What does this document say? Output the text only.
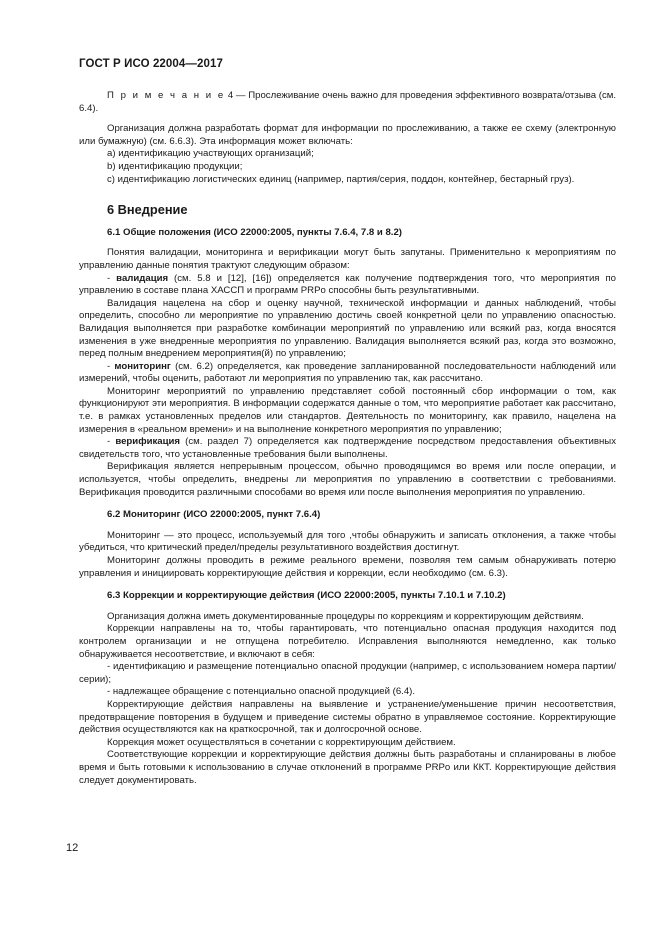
ГОСТ Р ИСО 22004—2017

П р и м е ч а н и е 4 — Прослеживание очень важно для проведения эффективного возврата/отзыва (см. 6.4).

Организация должна разработать формат для информации по прослеживанию, а также ее схему (электронную или бумажную) (см. 6.6.3). Эта информация может включать:

a) идентификацию участвующих организаций;

b) идентификацию продукции;

c) идентификацию логистических единиц (например, партия/серия, поддон, контейнер, бестарный груз).

6 Внедрение
6.1 Общие положения (ИСО 22000:2005, пункты 7.6.4, 7.8 и 8.2)

Понятия валидации, мониторинга и верификации могут быть запутаны. Применительно к мероприятиям по управлению данные понятия трактуют следующим образом:

- валидация (см. 5.8 и [12], [16]) определяется как получение подтверждения того, что мероприятия по управлению в составе плана ХАССП и программ PRPо способны быть результативными.

Валидация нацелена на сбор и оценку научной, технической информации и данных наблюдений, чтобы определить, способно ли мероприятие по управлению достичь своей конкретной цели по управлению опасностью. Валидация выполняется при разработке комбинации мероприятий по управлению или всякий раз, когда вносятся изменения в уже внедренные мероприятия по управлению. Валидация выполняется всякий раз, когда это возможно, перед полным внедрением мероприятия(й) по управлению;

- мониторинг (см. 6.2) определяется, как проведение запланированной последовательности наблюдений или измерений, чтобы оценить, работают ли мероприятия по управлению так, как рассчитано.

Мониторинг мероприятий по управлению представляет собой постоянный сбор информации о том, как функционируют эти мероприятия. В информации содержатся данные о том, что мероприятие работает как рассчитано, т.е. в рамках установленных пределов или стандартов. Деятельность по мониторингу, как правило, нацелена на измерения в «реальном времени» и на выполнение конкретного мероприятия по управлению;

- верификация (см. раздел 7) определяется как подтверждение посредством предоставления объективных свидетельств того, что установленные требования были выполнены.

Верификация является непрерывным процессом, обычно проводящимся во время или после операции, и используется, чтобы определить, внедрены ли мероприятия по управлению в соответствии с требованиями. Верификация проводится различными способами во время или после выполнения мероприятия по управлению.

6.2 Мониторинг (ИСО 22000:2005, пункт 7.6.4)

Мониторинг — это процесс, используемый для того ,чтобы обнаружить и записать отклонения, а также чтобы убедиться, что критический предел/пределы результативного воздействия достигнут.

Мониторинг должны проводить в режиме реального времени, позволяя тем самым обнаруживать потерю управления и инициировать корректирующие действия и коррекции, если необходимо (см. 6.3).

6.3 Коррекции и корректирующие действия (ИСО 22000:2005, пункты 7.10.1 и 7.10.2)

Организация должна иметь документированные процедуры по коррекциям и корректирующим действиям.

Коррекции направлены на то, чтобы гарантировать, что потенциально опасная продукция находится под контролем организации и не отпущена потребителю. Исправления выполняются немедленно, как только обнаруживается несоответствие, и включают в себя:

- идентификацию и размещение потенциально опасной продукции (например, с использованием номера партии/серии);

- надлежащее обращение с потенциально опасной продукцией (6.4).

Корректирующие действия направлены на выявление и устранение/уменьшение причин несоответствия, предотвращение повторения в будущем и приведение системы обратно в управляемое состояние. Корректирующие действия осуществляются как на краткосрочной, так и долгосрочной основе.

Коррекция может осуществляться в сочетании с корректирующим действием.

Соответствующие коррекции и корректирующие действия должны быть разработаны и спланированы в любое время и быть готовыми к использованию в случае отклонений в программе PRPо или ККТ. Корректирующие действия следует документировать.

12
